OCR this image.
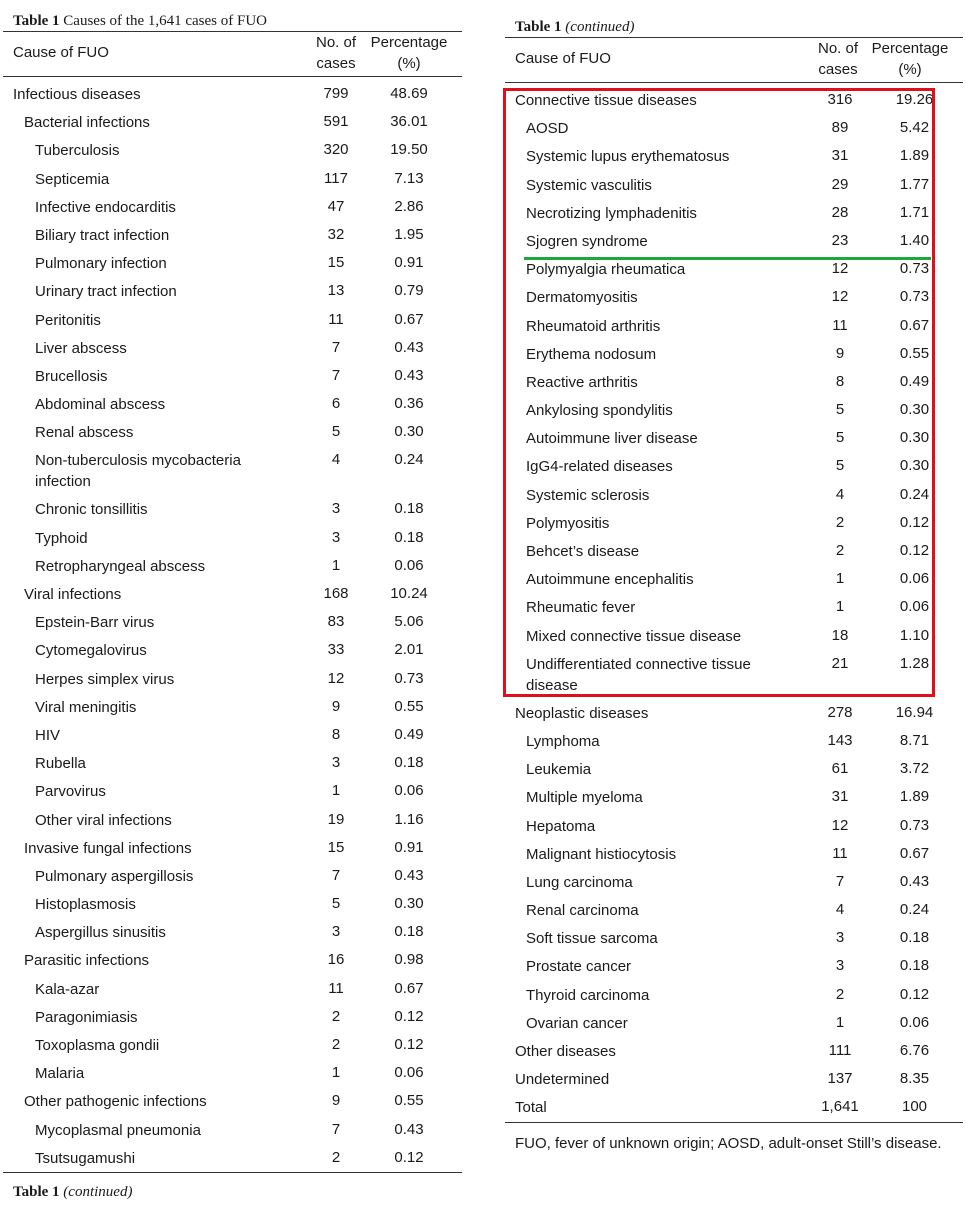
Table 1 Causes of the 1,641 cases of FUO
Cause of FUO
No. of
cases
Percentage
(%)
Infectious diseases	799	48.69
Bacterial infections	591	36.01
Tuberculosis	320	19.50
Septicemia	117	7.13
Infective endocarditis	47	2.86
Biliary tract infection	32	1.95
Pulmonary infection	15	0.91
Urinary tract infection	13	0.79
Peritonitis	11	0.67
Liver abscess	7	0.43
Brucellosis	7	0.43
Abdominal abscess	6	0.36
Renal abscess	5	0.30
Non-tuberculosis mycobacteria infection
4	0.24
Chronic tonsillitis	3	0.18
Typhoid	3	0.18
Retropharyngeal abscess	1	0.06
Viral infections	168	10.24
Epstein-Barr virus	83	5.06
Cytomegalovirus	33	2.01
Herpes simplex virus	12	0.73
Viral meningitis	9	0.55
HIV	8	0.49
Rubella	3	0.18
Parvovirus	1	0.06
Other viral infections	19	1.16
Invasive fungal infections	15	0.91
Pulmonary aspergillosis	7	0.43
Histoplasmosis	5	0.30
Aspergillus sinusitis	3	0.18
Parasitic infections	16	0.98
Kala-azar	11	0.67
Paragonimiasis	2	0.12
Toxoplasma gondii	2	0.12
Malaria	1	0.06
Other pathogenic infections	9	0.55
Mycoplasmal pneumonia	7	0.43
Tsutsugamushi	2	0.12
Table 1 (continued)
Table 1 (continued)
Cause of FUO
No. of
cases
Percentage
(%)
Connective tissue diseases	316	19.26
AOSD	89	5.42
Systemic lupus erythematosus	31	1.89
Systemic vasculitis	29	1.77
Necrotizing lymphadenitis	28	1.71
Sjogren syndrome	23	1.40
Polymyalgia rheumatica	12	0.73
Dermatomyositis	12	0.73
Rheumatoid arthritis	11	0.67
Erythema nodosum	9	0.55
Reactive arthritis	8	0.49
Ankylosing spondylitis	5	0.30
Autoimmune liver disease	5	0.30
IgG4-related diseases	5	0.30
Systemic sclerosis	4	0.24
Polymyositis	2	0.12
Behcet’s disease	2	0.12
Autoimmune encephalitis	1	0.06
Rheumatic fever	1	0.06
Mixed connective tissue disease	18	1.10
Undifferentiated connective tissue disease
21	1.28
Neoplastic diseases	278	16.94
Lymphoma	143	8.71
Leukemia	61	3.72
Multiple myeloma	31	1.89
Hepatoma	12	0.73
Malignant histiocytosis	11	0.67
Lung carcinoma	7	0.43
Renal carcinoma	4	0.24
Soft tissue sarcoma	3	0.18
Prostate cancer	3	0.18
Thyroid carcinoma	2	0.12
Ovarian cancer	1	0.06
Other diseases	111	6.76
Undetermined	137	8.35
Total	1,641	100
FUO, fever of unknown origin; AOSD, adult-onset Still’s disease.
